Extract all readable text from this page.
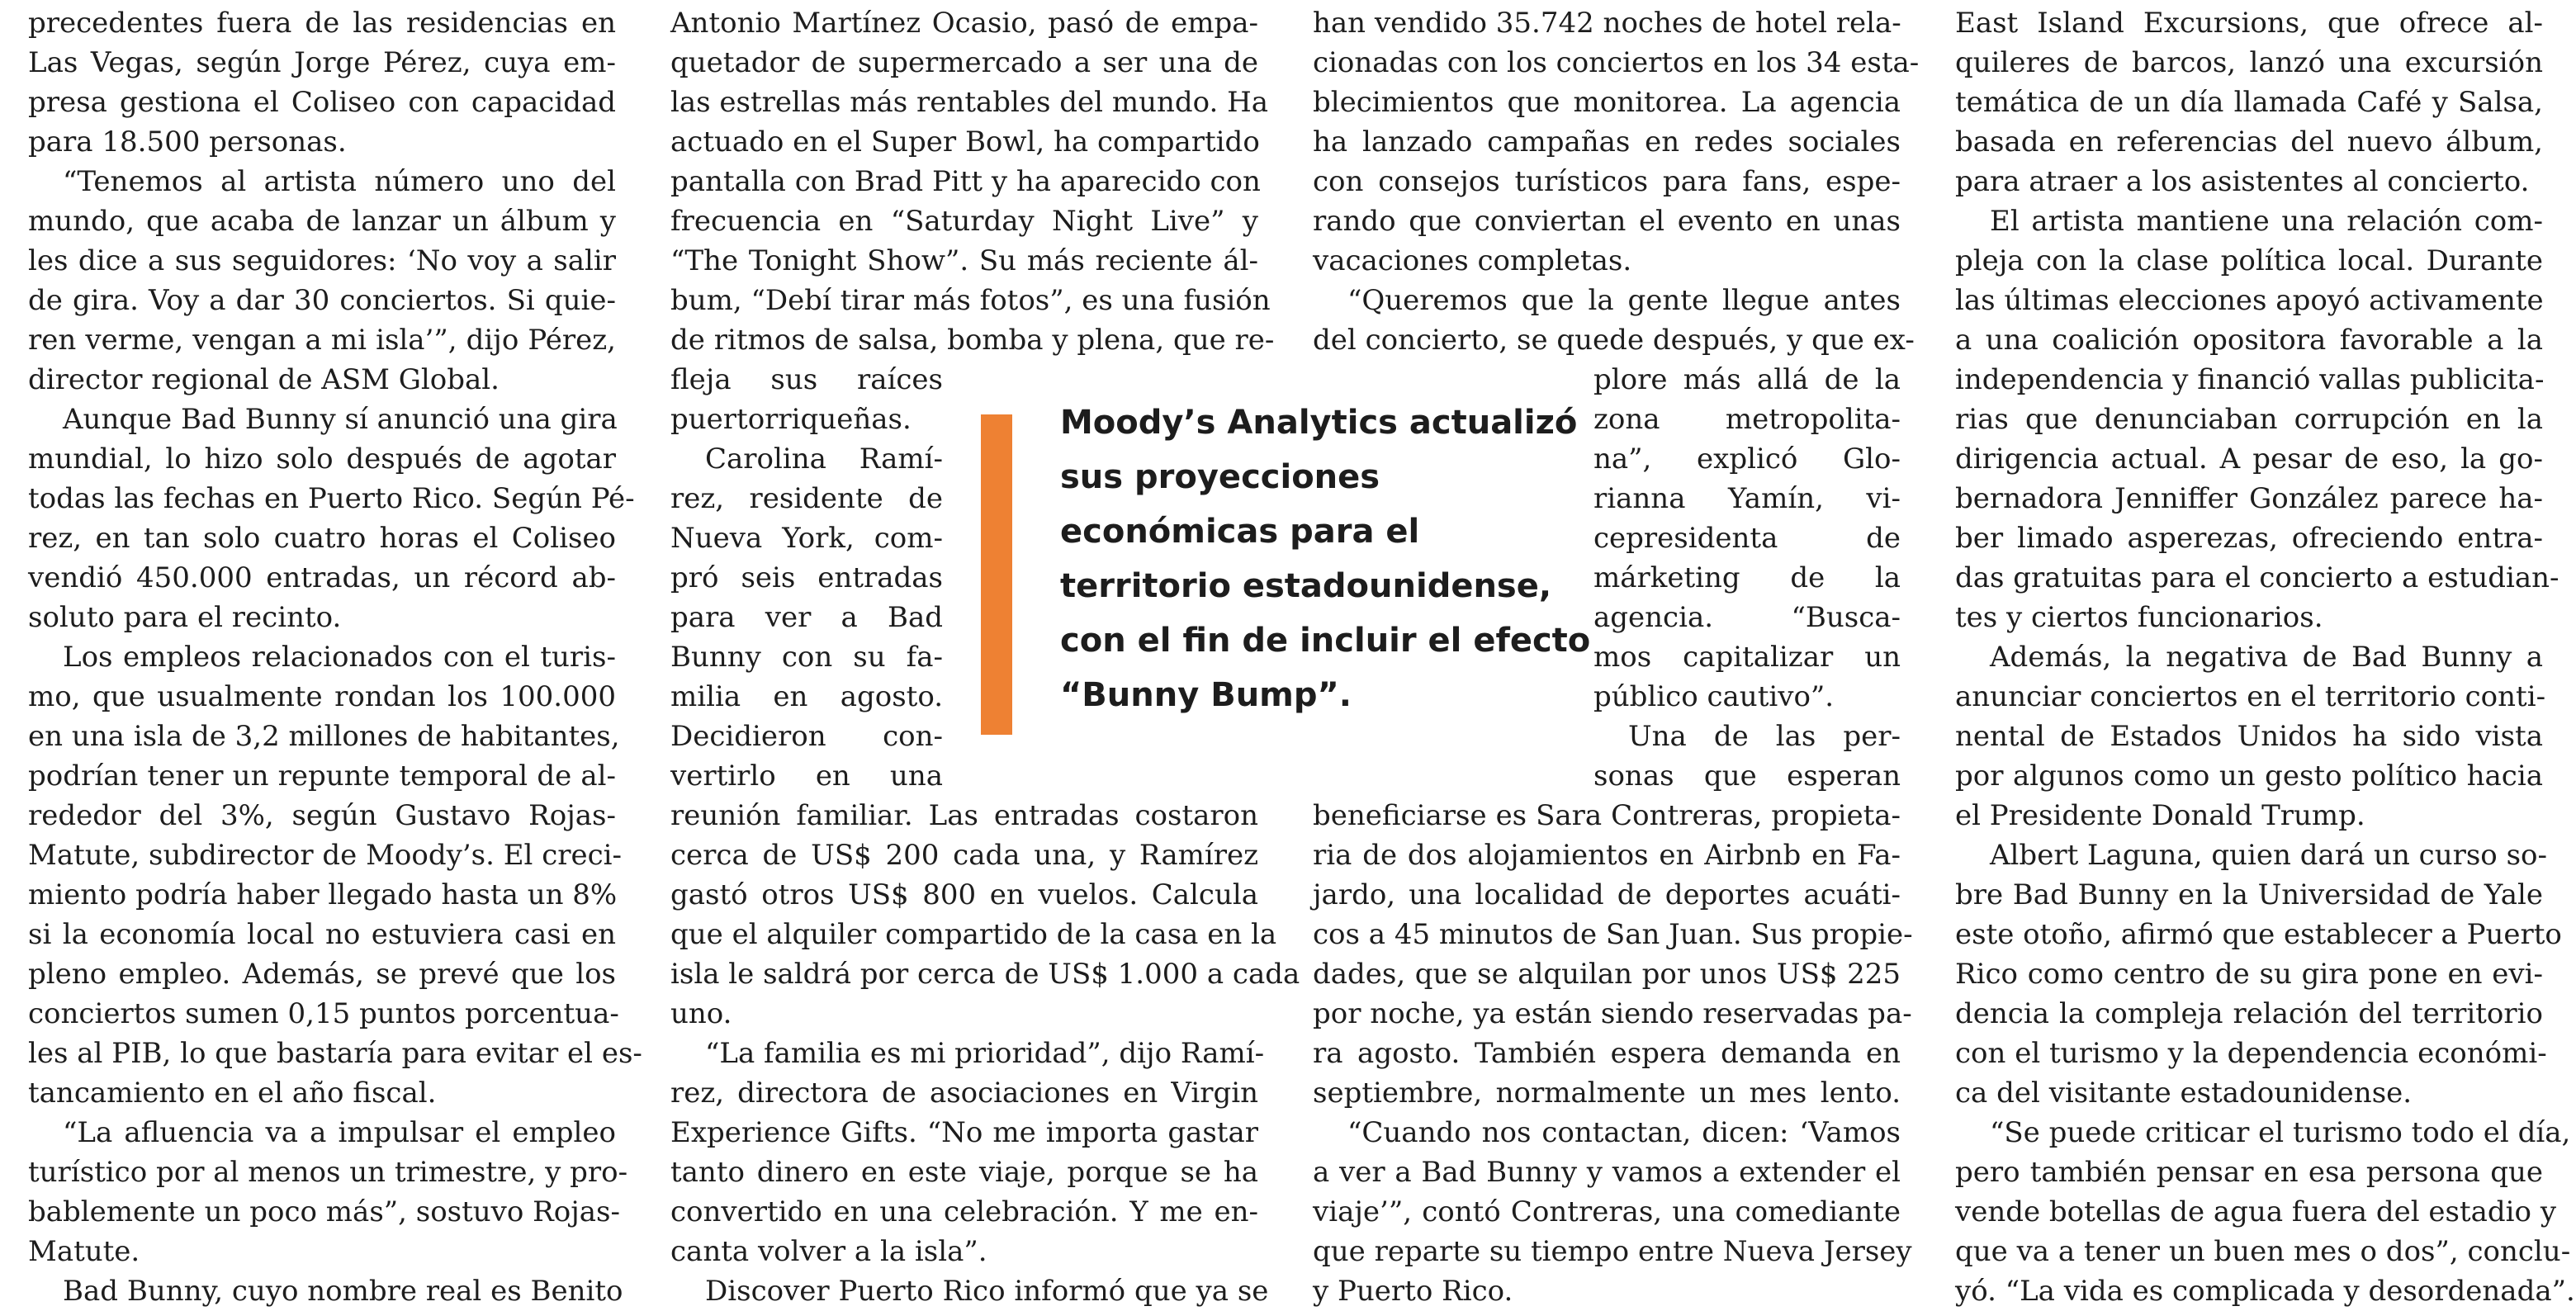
precedentes fuera de las residencias en
Las Vegas, según Jorge Pérez, cuya em-
presa gestiona el Coliseo con capacidad
para 18.500 personas.
“Tenemos al artista número uno del
mundo, que acaba de lanzar un álbum y
les dice a sus seguidores: ‘No voy a salir
de gira. Voy a dar 30 conciertos. Si quie-
ren verme, vengan a mi isla’”, dijo Pérez,
director regional de ASM Global.
Aunque Bad Bunny sí anunció una gira
mundial, lo hizo solo después de agotar
todas las fechas en Puerto Rico. Según Pé-
rez, en tan solo cuatro horas el Coliseo
vendió 450.000 entradas, un récord ab-
soluto para el recinto.
Los empleos relacionados con el turis-
mo, que usualmente rondan los 100.000
en una isla de 3,2 millones de habitantes,
podrían tener un repunte temporal de al-
rededor del 3%, según Gustavo Rojas-
Matute, subdirector de Moody’s. El creci-
miento podría haber llegado hasta un 8%
si la economía local no estuviera casi en
pleno empleo. Además, se prevé que los
conciertos sumen 0,15 puntos porcentua-
les al PIB, lo que bastaría para evitar el es-
tancamiento en el año fiscal.
“La afluencia va a impulsar el empleo
turístico por al menos un trimestre, y pro-
bablemente un poco más”, sostuvo Rojas-
Matute.
Bad Bunny, cuyo nombre real es Benito
Antonio Martínez Ocasio, pasó de empa-
quetador de supermercado a ser una de
las estrellas más rentables del mundo. Ha
actuado en el Super Bowl, ha compartido
pantalla con Brad Pitt y ha aparecido con
frecuencia en “Saturday Night Live” y
“The Tonight Show”. Su más reciente ál-
bum, “Debí tirar más fotos”, es una fusión
de ritmos de salsa, bomba y plena, que re-
fleja sus raíces
puertorriqueñas.
Carolina Ramí-
rez, residente de
Nueva York, com-
pró seis entradas
para ver a Bad
Bunny con su fa-
milia en agosto.
Decidieron con-
vertirlo en una
reunión familiar. Las entradas costaron
cerca de US$ 200 cada una, y Ramírez
gastó otros US$ 800 en vuelos. Calcula
que el alquiler compartido de la casa en la
isla le saldrá por cerca de US$ 1.000 a cada
uno.
“La familia es mi prioridad”, dijo Ramí-
rez, directora de asociaciones en Virgin
Experience Gifts. “No me importa gastar
tanto dinero en este viaje, porque se ha
convertido en una celebración. Y me en-
canta volver a la isla”.
Discover Puerto Rico informó que ya se
han vendido 35.742 noches de hotel rela-
cionadas con los conciertos en los 34 esta-
blecimientos que monitorea. La agencia
ha lanzado campañas en redes sociales
con consejos turísticos para fans, espe-
rando que conviertan el evento en unas
vacaciones completas.
“Queremos que la gente llegue antes
del concierto, se quede después, y que ex-
plore más allá de la
zona metropolita-
na”, explicó Glo-
rianna Yamín, vi-
cepresidenta de
márketing de la
agencia. “Busca-
mos capitalizar un
público cautivo”.
Una de las per-
sonas que esperan
beneficiarse es Sara Contreras, propieta-
ria de dos alojamientos en Airbnb en Fa-
jardo, una localidad de deportes acuáti-
cos a 45 minutos de San Juan. Sus propie-
dades, que se alquilan por unos US$ 225
por noche, ya están siendo reservadas pa-
ra agosto. También espera demanda en
septiembre, normalmente un mes lento.
“Cuando nos contactan, dicen: ‘Vamos
a ver a Bad Bunny y vamos a extender el
viaje’”, contó Contreras, una comediante
que reparte su tiempo entre Nueva Jersey
y Puerto Rico.
East Island Excursions, que ofrece al-
quileres de barcos, lanzó una excursión
temática de un día llamada Café y Salsa,
basada en referencias del nuevo álbum,
para atraer a los asistentes al concierto.
El artista mantiene una relación com-
pleja con la clase política local. Durante
las últimas elecciones apoyó activamente
a una coalición opositora favorable a la
independencia y financió vallas publicita-
rias que denunciaban corrupción en la
dirigencia actual. A pesar de eso, la go-
bernadora Jenniffer González parece ha-
ber limado asperezas, ofreciendo entra-
das gratuitas para el concierto a estudian-
tes y ciertos funcionarios.
Además, la negativa de Bad Bunny a
anunciar conciertos en el territorio conti-
nental de Estados Unidos ha sido vista
por algunos como un gesto político hacia
el Presidente Donald Trump.
Albert Laguna, quien dará un curso so-
bre Bad Bunny en la Universidad de Yale
este otoño, afirmó que establecer a Puerto
Rico como centro de su gira pone en evi-
dencia la compleja relación del territorio
con el turismo y la dependencia económi-
ca del visitante estadounidense.
“Se puede criticar el turismo todo el día,
pero también pensar en esa persona que
vende botellas de agua fuera del estadio y
que va a tener un buen mes o dos”, conclu-
yó. “La vida es complicada y desordenada”.
Moody’s Analytics actualizó
sus proyecciones
económicas para el
territorio estadounidense,
con el fin de incluir el efecto
“Bunny Bump”.
